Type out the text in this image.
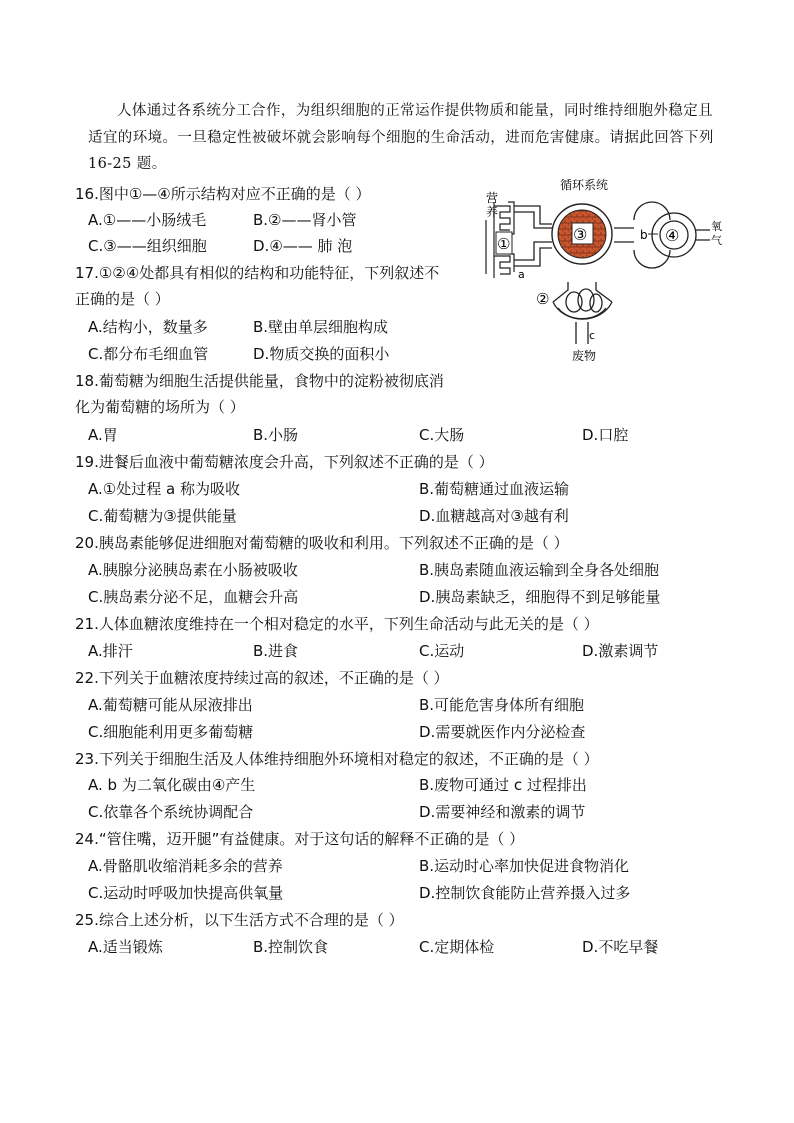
人体通过各系统分工合作，为组织细胞的正常运作提供物质和能量，同时维持细胞外稳定且适宜的环境。一旦稳定性被破坏就会影响每个细胞的生命活动，进而危害健康。请据此回答下列 16-25 题。
16.图中①—④所示结构对应不正确的是（ ）
A.①——小肠绒毛	B.②——肾小管
C.③——组织细胞	D.④—— 肺 泡
17.①②④处都具有相似的结构和功能特征，下列叙述不
正确的是（ ）
A.结构小，数量多	B.壁由单层细胞构成
C.都分布毛细血管	D.物质交换的面积小
18.葡萄糖为细胞生活提供能量，食物中的淀粉被彻底消
化为葡萄糖的场所为（ ）
A.胃	B.小肠	C.大肠	D.口腔
19.进餐后血液中葡萄糖浓度会升高，下列叙述不正确的是（ ）
A.①处过程 a 称为吸收	B.葡萄糖通过血液运输
C.葡萄糖为③提供能量	D.血糖越高对③越有利
20.胰岛素能够促进细胞对葡萄糖的吸收和利用。下列叙述不正确的是（ ）
A.胰腺分泌胰岛素在小肠被吸收	B.胰岛素随血液运输到全身各处细胞
C.胰岛素分泌不足，血糖会升高	D.胰岛素缺乏，细胞得不到足够能量
21.人体血糖浓度维持在一个相对稳定的水平，下列生命活动与此无关的是（ ）
A.排汗	B.进食	C.运动	D.激素调节
22.下列关于血糖浓度持续过高的叙述，不正确的是（ ）
A.葡萄糖可能从尿液排出	B.可能危害身体所有细胞
C.细胞能利用更多葡萄糖	D.需要就医作内分泌检查
23.下列关于细胞生活及人体维持细胞外环境相对稳定的叙述，不正确的是（ ）
A. b 为二氧化碳由④产生	B.废物可通过 c 过程排出
C.依靠各个系统协调配合	D.需要神经和激素的调节
24.“管住嘴，迈开腿”有益健康。对于这句话的解释不正确的是（ ）
A.骨骼肌收缩消耗多余的营养	B.运动时心率加快促进食物消化
C.运动时呼吸加快提高供氧量	D.控制饮食能防止营养摄入过多
25.综合上述分析，以下生活方式不合理的是（ ）
A.适当锻炼	B.控制饮食	C.定期体检	D.不吃早餐
循环系统
营
养
①
a
③	b ④	氧
气
②
c
废物
